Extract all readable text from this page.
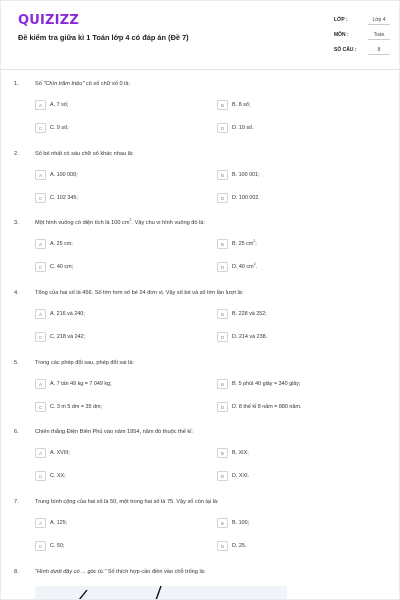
QUIZIZZ
Đề kiểm tra giữa kì 1 Toán lớp 4 có đáp án (Đề 7)
LỚP :	Lớp 4
MÔN :	Toán
SỐ CÂU :	8
1.	Số "Chín trăm triệu" có số chữ số 0 là:
A	A. 7 số;	B	B. 8 số;
C	C. 9 số;	D	D. 10 số.
2.	Số bé nhất có sáu chữ số khác nhau là:
A	A. 100 000;	B	B. 100 001;
C	C. 102 345;	D	D. 100 002.
3.	Một hình vuông có diện tích là 100 $cm^2$. Vậy chu vi hình vuông đó là:
A	A. 25 cm;	B	B. 25 $cm^2$;
C	C. 40 cm;	D	D. 40 $cm^2$.
4.	Tổng của hai số là 456. Số lớn hơn số bé 24 đơn vị. Vậy số bé và số lớn lần lượt là:
A	A. 216 và 240;	B	B. 228 và 252;
C	C. 218 và 242;	D	D. 214 và 238.
5.	Trong các phép đổi sau, phép đổi sai là:
A	A. 7 tấn 49 kg = 7 049 kg;	B	B. 5 phút 40 giây = 340 giây;
C	C. 3 m 5 dm = 35 dm;	D	D. 8 thế kỉ 8 năm = 880 năm.
6.	Chiến thắng Điện Biên Phủ vào năm 1954, năm đó thuộc thế kỉ:
A	A. XVIII;	B	B. XIX;
C	C. XX;	D	D. XXI.
7.	Trung bình cộng của hai số là 50, một trong hai số là 75. Vậy số còn lại là:
A	A. 125;	B	B. 100;
C	C. 50;	D	D. 25.
8.	"Hình dưới đây có ... góc tù." Số thích hợp cần điền vào chỗ trống là:
